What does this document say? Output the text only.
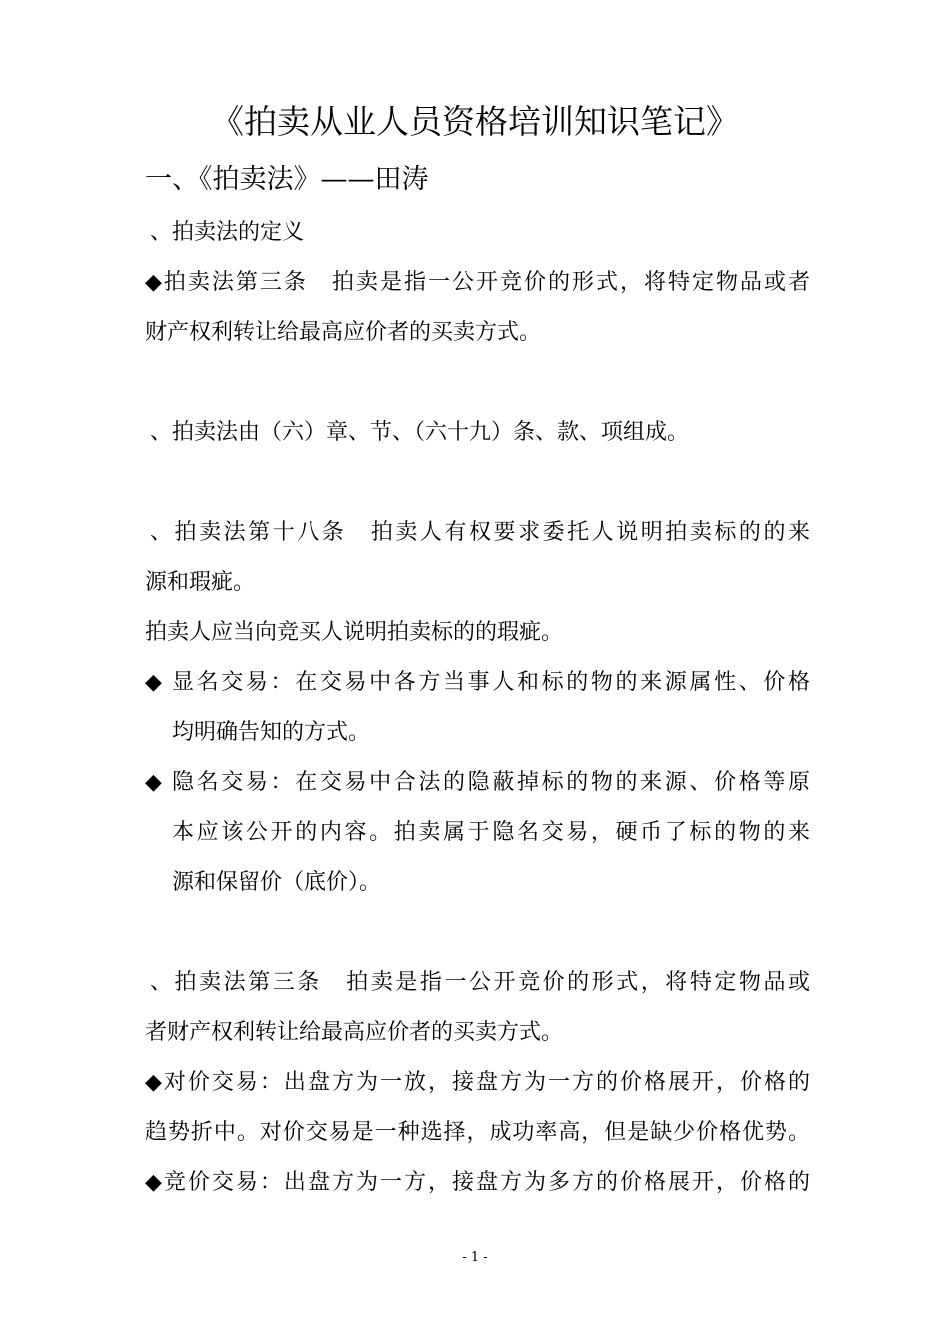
《拍卖从业人员资格培训知识笔记》
一、《拍卖法》——田涛
、拍卖法的定义
◆拍卖法第三条　拍卖是指一公开竞价的形式，将特定物品或者
财产权利转让给最高应价者的买卖方式。
、拍卖法由（六）章、节、（六十九）条、款、项组成。
、拍卖法第十八条　拍卖人有权要求委托人说明拍卖标的的来
源和瑕疵。
拍卖人应当向竞买人说明拍卖标的的瑕疵。
◆ 显名交易：在交易中各方当事人和标的物的来源属性、价格
均明确告知的方式。
◆ 隐名交易：在交易中合法的隐蔽掉标的物的来源、价格等原
本应该公开的内容。拍卖属于隐名交易，硬币了标的物的来
源和保留价（底价）。
、拍卖法第三条　拍卖是指一公开竞价的形式，将特定物品或
者财产权利转让给最高应价者的买卖方式。
◆对价交易：出盘方为一放，接盘方为一方的价格展开，价格的
趋势折中。对价交易是一种选择，成功率高，但是缺少价格优势。
◆竞价交易：出盘方为一方，接盘方为多方的价格展开，价格的
- 1 -
